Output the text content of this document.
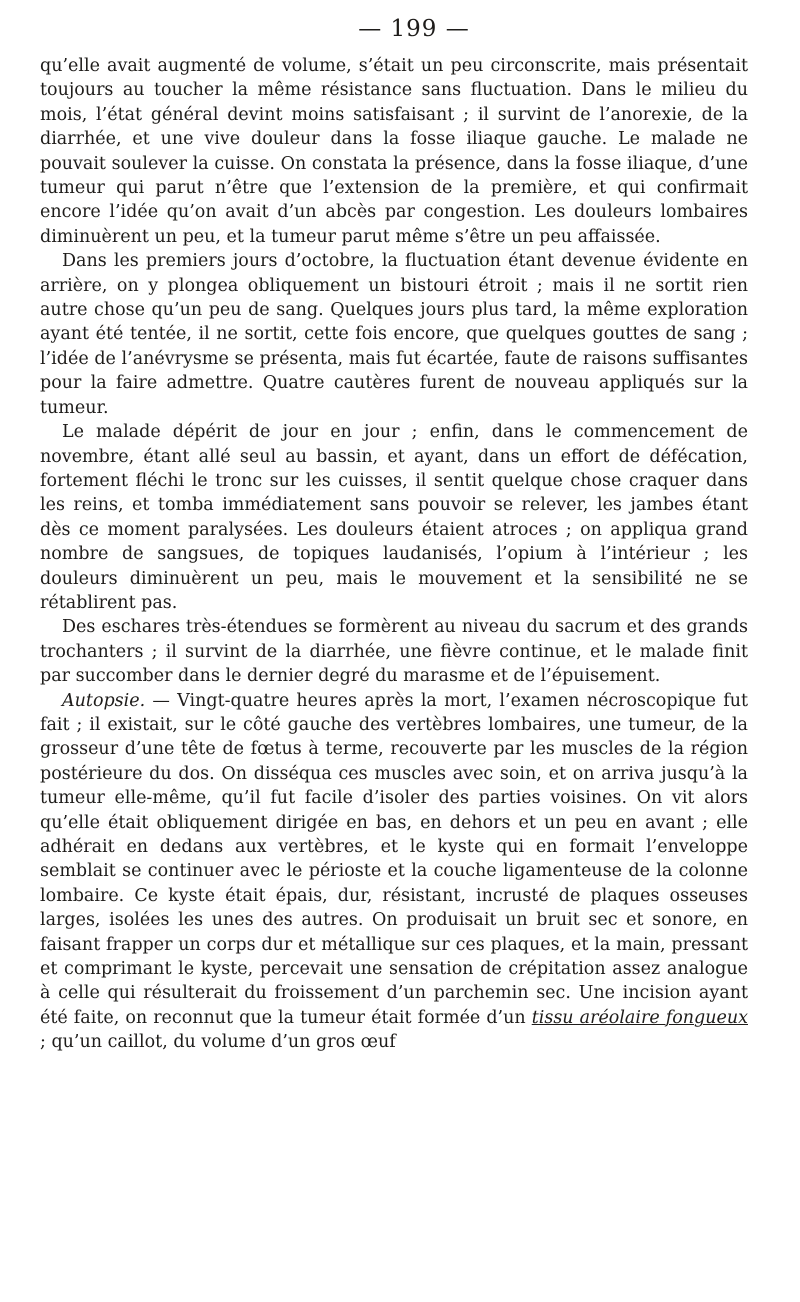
— 199 —

qu’elle avait augmenté de volume, s’était un peu circonscrite, mais présentait toujours au toucher la même résistance sans fluctuation. Dans le milieu du mois, l’état général devint moins satisfaisant ; il survint de l’anorexie, de la diarrhée, et une vive douleur dans la fosse iliaque gauche. Le malade ne pouvait soulever la cuisse. On constata la présence, dans la fosse iliaque, d’une tumeur qui parut n’être que l’extension de la première, et qui confirmait encore l’idée qu’on avait d’un abcès par congestion. Les douleurs lombaires diminuèrent un peu, et la tumeur parut même s’être un peu affaissée.

Dans les premiers jours d’octobre, la fluctuation étant devenue évidente en arrière, on y plongea obliquement un bistouri étroit ; mais il ne sortit rien autre chose qu’un peu de sang. Quelques jours plus tard, la même exploration ayant été tentée, il ne sortit, cette fois encore, que quelques gouttes de sang ; l’idée de l’anévrysme se présenta, mais fut écartée, faute de raisons suffisantes pour la faire admettre. Quatre cautères furent de nouveau appliqués sur la tumeur.

Le malade dépérit de jour en jour ; enfin, dans le commencement de novembre, étant allé seul au bassin, et ayant, dans un effort de défécation, fortement fléchi le tronc sur les cuisses, il sentit quelque chose craquer dans les reins, et tomba immédiatement sans pouvoir se relever, les jambes étant dès ce moment paralysées. Les douleurs étaient atroces ; on appliqua grand nombre de sangsues, de topiques laudanisés, l’opium à l’intérieur ; les douleurs diminuèrent un peu, mais le mouvement et la sensibilité ne se rétablirent pas.

Des eschares très-étendues se formèrent au niveau du sacrum et des grands trochanters ; il survint de la diarrhée, une fièvre continue, et le malade finit par succomber dans le dernier degré du marasme et de l’épuisement.

Autopsie. — Vingt-quatre heures après la mort, l’examen nécroscopique fut fait ; il existait, sur le côté gauche des vertèbres lombaires, une tumeur, de la grosseur d’une tête de fœtus à terme, recouverte par les muscles de la région postérieure du dos. On disséqua ces muscles avec soin, et on arriva jusqu’à la tumeur elle-même, qu’il fut facile d’isoler des parties voisines. On vit alors qu’elle était obliquement dirigée en bas, en dehors et un peu en avant ; elle adhérait en dedans aux vertèbres, et le kyste qui en formait l’enveloppe semblait se continuer avec le périoste et la couche ligamenteuse de la colonne lombaire. Ce kyste était épais, dur, résistant, incrusté de plaques osseuses larges, isolées les unes des autres. On produisait un bruit sec et sonore, en faisant frapper un corps dur et métallique sur ces plaques, et la main, pressant et comprimant le kyste, percevait une sensation de crépitation assez analogue à celle qui résulterait du froissement d’un parchemin sec. Une incision ayant été faite, on reconnut que la tumeur était formée d’un tissu aréolaire fongueux ; qu’un caillot, du volume d’un gros œuf
